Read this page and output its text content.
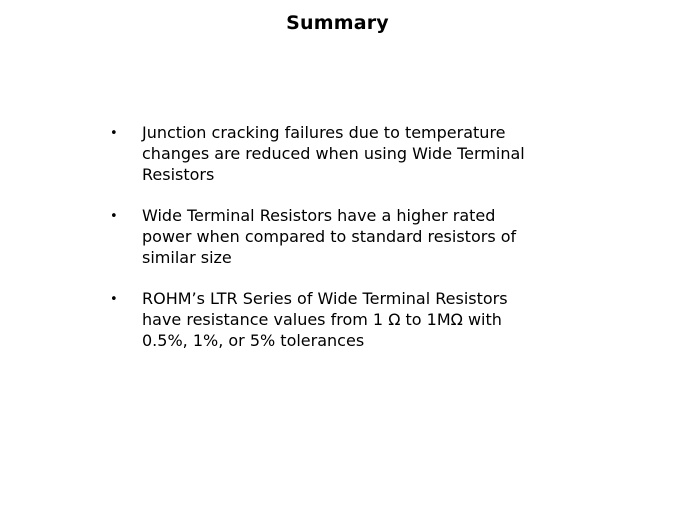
Summary
• Junction cracking failures due to temperature
changes are reduced when using Wide Terminal
Resistors
• Wide Terminal Resistors have a higher rated
power when compared to standard resistors of
similar size
• ROHM’s LTR Series of Wide Terminal Resistors
have resistance values from 1 Ω to 1MΩ with
0.5%, 1%, or 5% tolerances
